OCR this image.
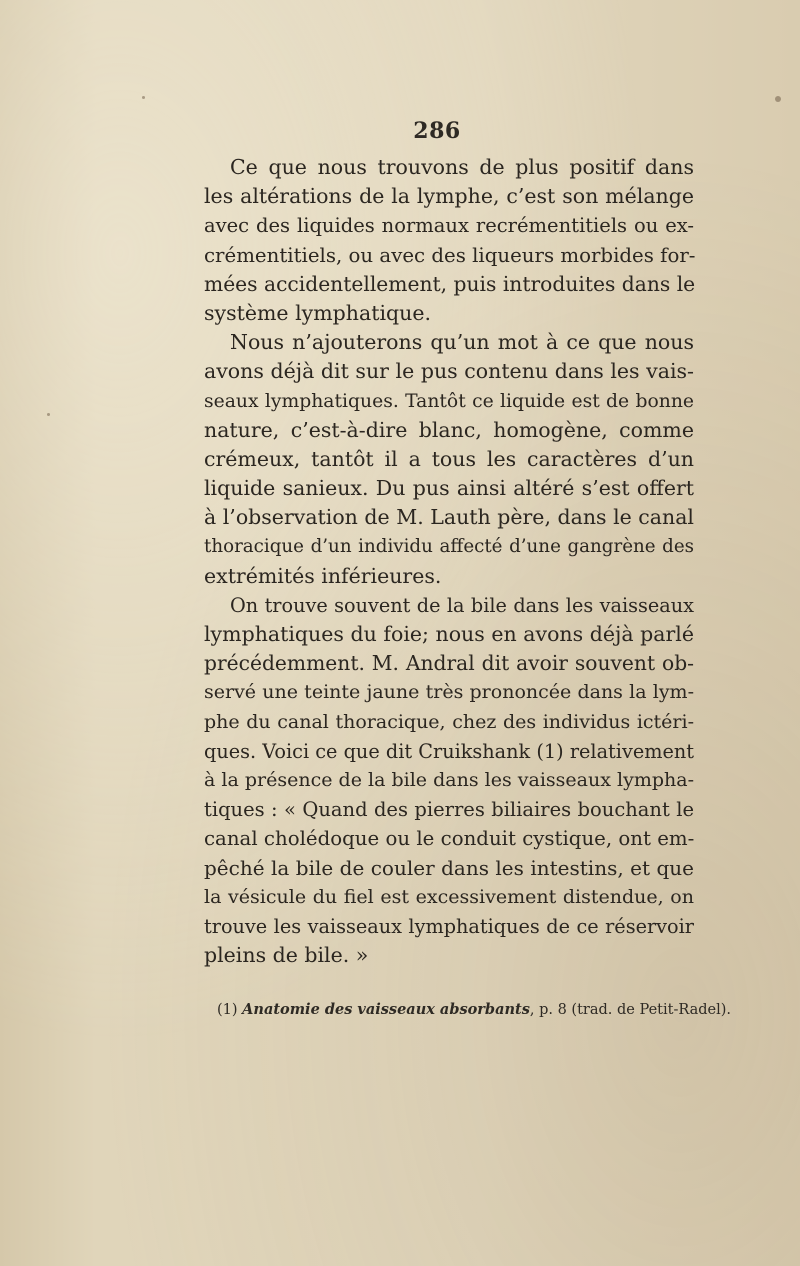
286
Ce que nous trouvons de plus positif dans
les altérations de la lymphe, c’est son mélange
avec des liquides normaux recrémentitiels ou ex-
crémentitiels, ou avec des liqueurs morbides for-
mées accidentellement, puis introduites dans le
système lymphatique.
Nous n’ajouterons qu’un mot à ce que nous
avons déjà dit sur le pus contenu dans les vais-
seaux lymphatiques. Tantôt ce liquide est de bonne
nature, c’est-à-dire blanc, homogène, comme
crémeux, tantôt il a tous les caractères d’un
liquide sanieux. Du pus ainsi altéré s’est offert
à l’observation de M. Lauth père, dans le canal
thoracique d’un individu affecté d’une gangrène des
extrémités inférieures.
On trouve souvent de la bile dans les vaisseaux
lymphatiques du foie; nous en avons déjà parlé
précédemment. M. Andral dit avoir souvent ob-
servé une teinte jaune très prononcée dans la lym-
phe du canal thoracique, chez des individus ictéri-
ques. Voici ce que dit Cruikshank (1) relativement
à la présence de la bile dans les vaisseaux lympha-
tiques : « Quand des pierres biliaires bouchant le
canal cholédoque ou le conduit cystique, ont em-
pêché la bile de couler dans les intestins, et que
la vésicule du fiel est excessivement distendue, on
trouve les vaisseaux lymphatiques de ce réservoir
pleins de bile. »
(1) Anatomie des vaisseaux absorbants, p. 8 (trad. de Petit-Radel).
